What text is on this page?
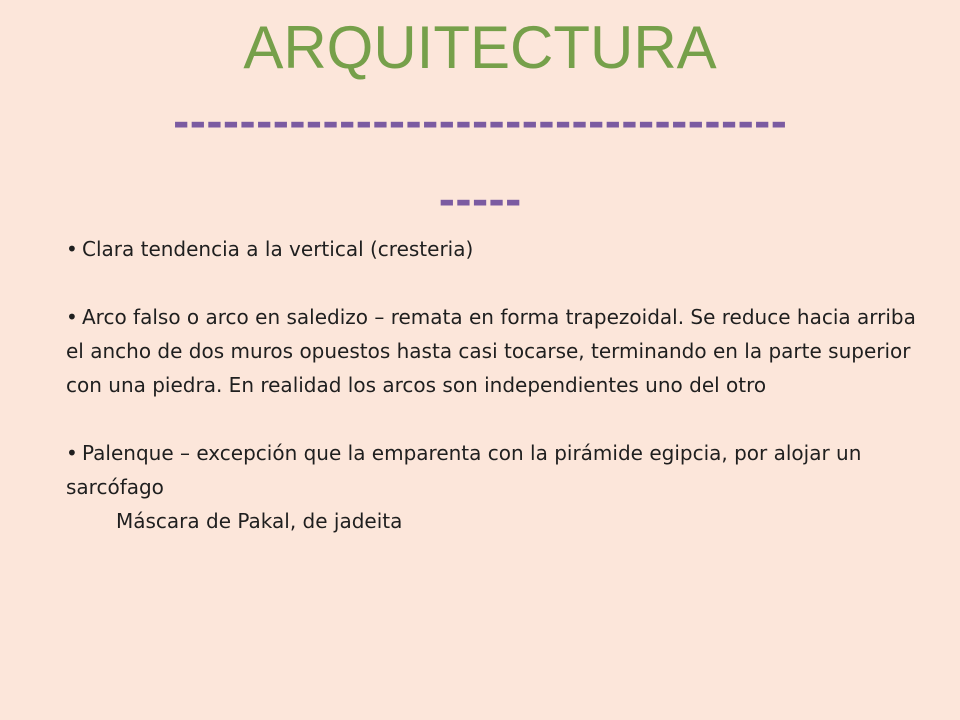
ARQUITECTURA
-------------------------------------
-----

• Clara tendencia a la vertical (cresteria)

• Arco falso o arco en saledizo – remata en forma trapezoidal. Se reduce hacia arriba el ancho de dos muros opuestos hasta casi tocarse, terminando en la parte superior con una piedra. En realidad los arcos son independientes uno del otro

• Palenque – excepción que la emparenta con la pirámide egipcia, por alojar un sarcófago

Máscara de Pakal, de jadeita
